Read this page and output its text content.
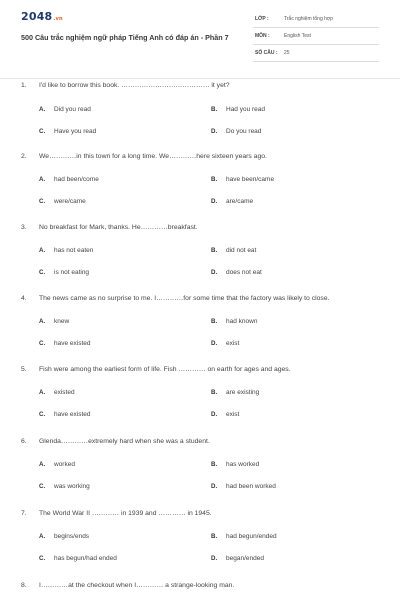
2048.vn
500 Câu trắc nghiệm ngữ pháp Tiếng Anh có đáp án - Phần 7
LỚP :	Trắc nghiệm tổng hợp
MÔN :	English Test
SỐ CÂU : 25
1. I'd like to borrow this book. ………………………………… it yet?
A. Did you read	B. Had you read
C. Have you read	D. Do you read
2. We…………in this town for a long time. We…………here sixteen years ago.
A. had been/come	B. have been/came
C. were/came	D. are/came
3. No breakfast for Mark, thanks. He…………breakfast.
A. has not eaten	B. did not eat
C. is not eating	D. does not eat
4. The news came as no surprise to me. I…………for some time that the factory was likely to close.
A. knew	B. had known
C. have existed	D. exist
5. Fish were among the earliest form of life. Fish ………… on earth for ages and ages.
A. existed	B. are existing
C. have existed	D. exist
6. Glenda…………extremely hard when she was a student.
A. worked	B. has worked
C. was working	D. had been worked
7. The World War II ………… in 1939 and ………… in 1945.
A. begins/ends	B. had begun/ended
C. has begun/had ended	D. began/ended
8. I…………at the checkout when I………… a strange-looking man.
